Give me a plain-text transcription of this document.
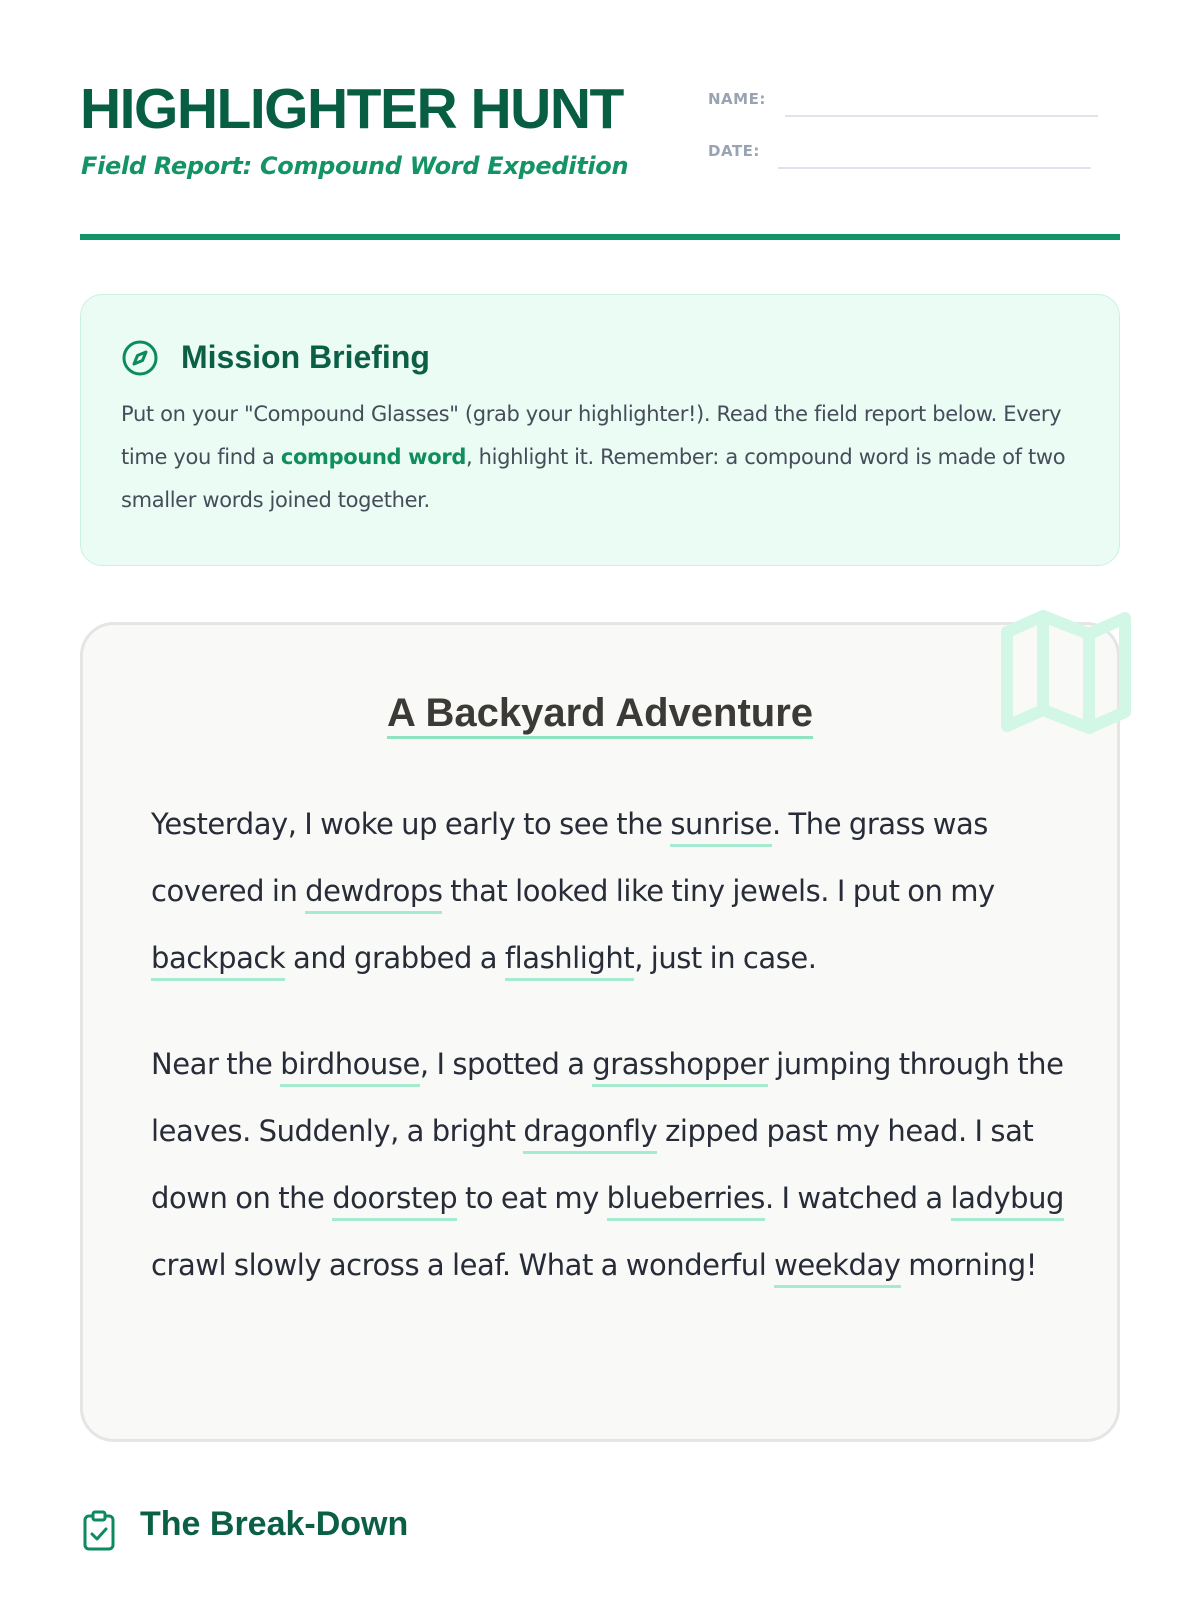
HIGHLIGHTER HUNT

Field Report: Compound Word Expedition

NAME:
DATE:
Mission Briefing

Put on your "Compound Glasses" (grab your highlighter!). Read the field report below. Every time you find a compound word, highlight it. Remember: a compound word is made of two smaller words joined together.

A Backyard Adventure

Yesterday, I woke up early to see the sunrise. The grass was covered in dewdrops that looked like tiny jewels. I put on my backpack and grabbed a flashlight, just in case.

Near the birdhouse, I spotted a grasshopper jumping through the leaves. Suddenly, a bright dragonfly zipped past my head. I sat down on the doorstep to eat my blueberries. I watched a ladybug crawl slowly across a leaf. What a wonderful weekday morning!

The Break-Down
